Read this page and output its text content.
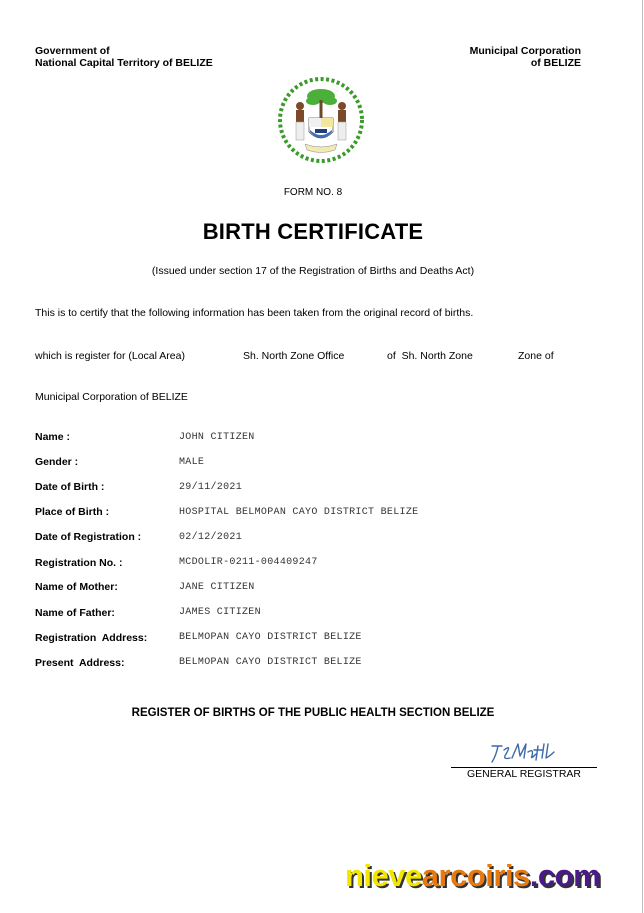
Government of
National Capital Territory of BELIZE
Municipal Corporation
of BELIZE
FORM NO. 8
BIRTH CERTIFICATE
(Issued under section 17 of the Registration of Births and Deaths Act)
This is to certify that the following information has been taken from the original record of births.
which is register for (Local Area)	Sh. North Zone Office	of  Sh. North Zone	Zone of
Municipal Corporation of BELIZE
Name :	JOHN CITIZEN
Gender :	MALE
Date of Birth :	29/11/2021
Place of Birth :	HOSPITAL BELMOPAN CAYO DISTRICT BELIZE
Date of Registration :	02/12/2021
Registration No. :	MCDOLIR-0211-004409247
Name of Mother:	JANE CITIZEN
Name of Father:	JAMES CITIZEN
Registration  Address:	BELMOPAN CAYO DISTRICT BELIZE
Present  Address:	BELMOPAN CAYO DISTRICT BELIZE
REGISTER OF BIRTHS OF THE PUBLIC HEALTH SECTION BELIZE
GENERAL REGISTRAR
nievearcoiris.com
